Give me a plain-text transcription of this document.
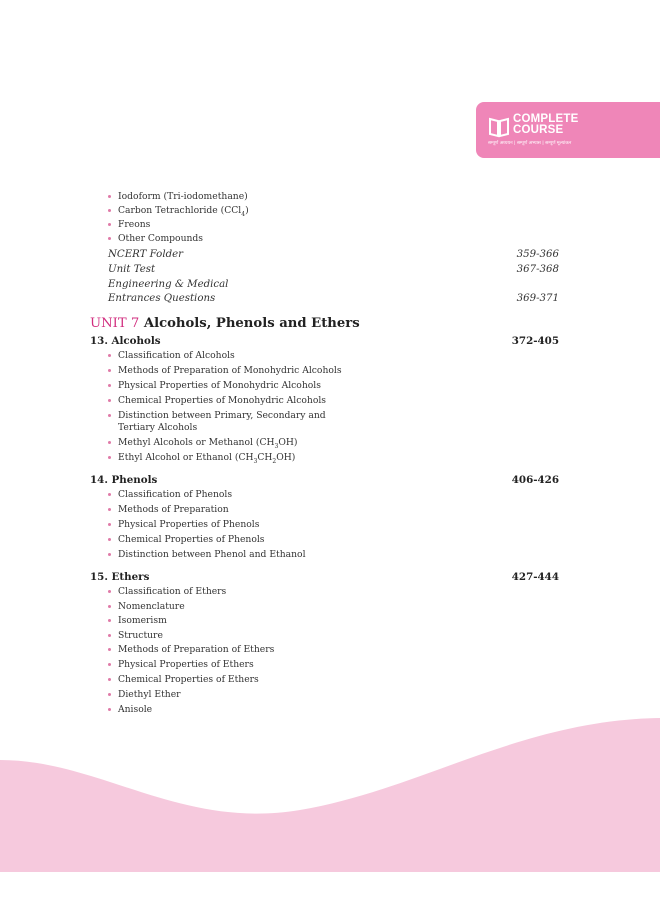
COMPLETE
COURSE
सम्पूर्ण अध्ययन | सम्पूर्ण अभ्यास | सम्पूर्ण मूल्यांकन
Iodoform (Tri-iodomethane)
Carbon Tetrachloride (CCl$_4$)
Freons
Other Compounds
NCERT Folder	359-366
Unit Test	367-368
Engineering & Medical
Entrances Questions	369-371
UNIT 7 Alcohols, Phenols and Ethers
13. Alcohols	372-405
Classification of Alcohols
Methods of Preparation of Monohydric Alcohols
Physical Properties of Monohydric Alcohols
Chemical Properties of Monohydric Alcohols
Distinction between Primary, Secondary and
Tertiary Alcohols
Methyl Alcohols or Methanol $(CH_3OH)$
Ethyl Alcohol or Ethanol $(CH_3CH_2OH)$
14. Phenols	406-426
Classification of Phenols
Methods of Preparation
Physical Properties of Phenols
Chemical Properties of Phenols
Distinction between Phenol and Ethanol
15. Ethers	427-444
Classification of Ethers
Nomenclature
Isomerism
Structure
Methods of Preparation of Ethers
Physical Properties of Ethers
Chemical Properties of Ethers
Diethyl Ether
Anisole
